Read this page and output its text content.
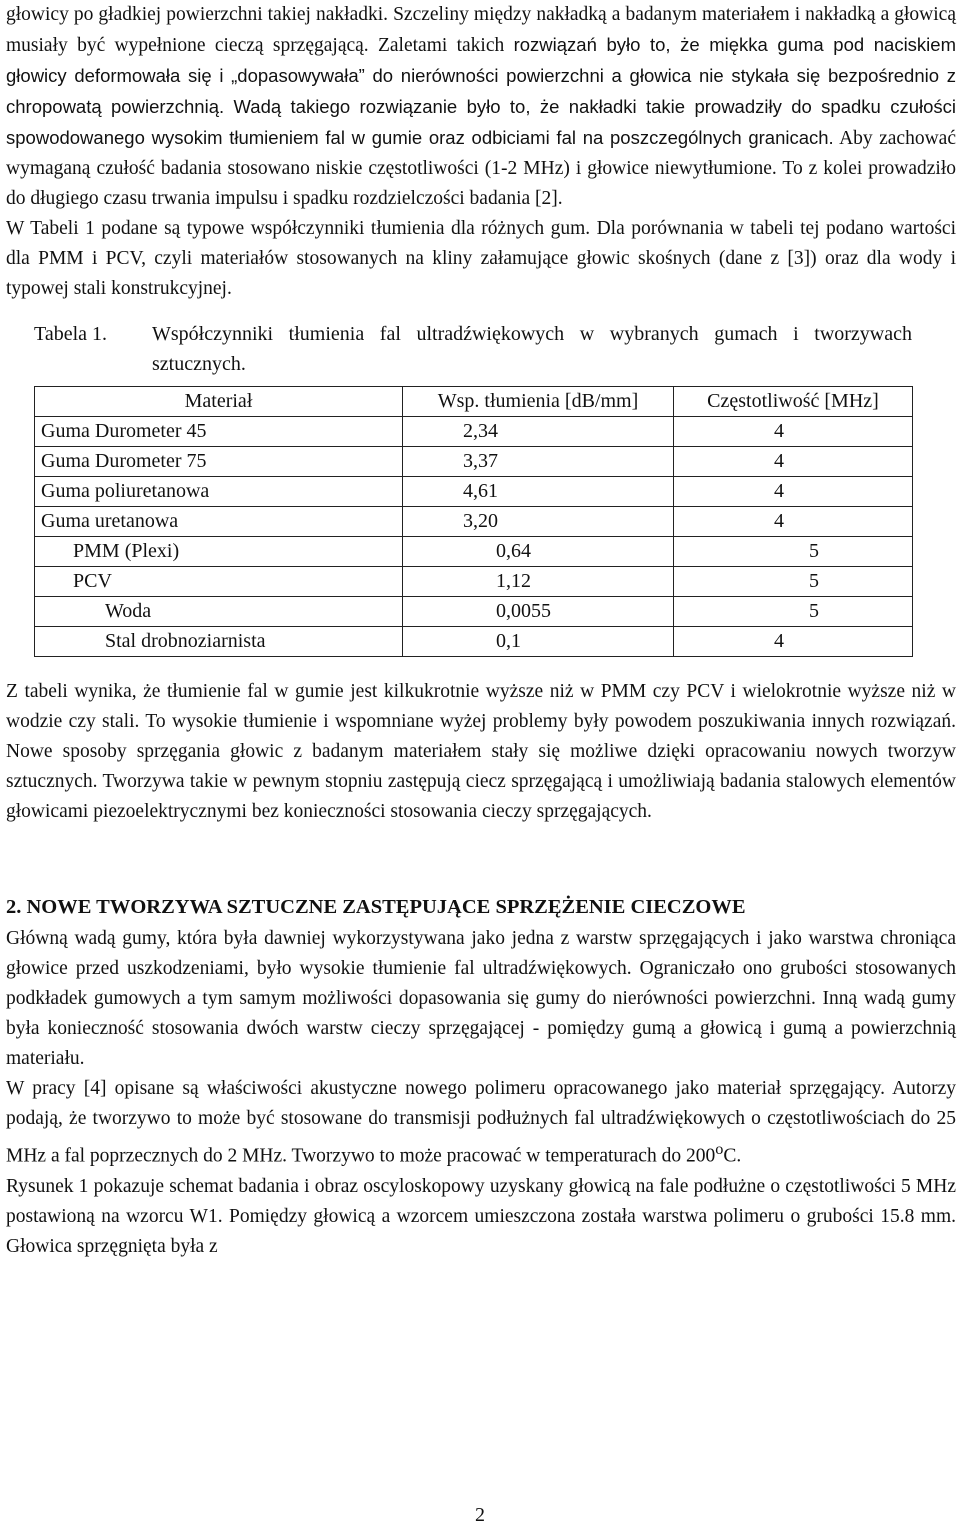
głowicy po gładkiej powierzchni takiej nakładki. Szczeliny między nakładką a badanym materiałem i nakładką a głowicą musiały być wypełnione cieczą sprzęgającą. Zaletami takich rozwiązań było to, że miękka guma pod naciskiem głowicy deformowała się i „dopasowywała” do nierówności powierzchni a głowica nie stykała się bezpośrednio z chropowatą powierzchnią. Wadą takiego rozwiązanie było to, że nakładki takie prowadziły do spadku czułości spowodowanego wysokim tłumieniem fal w gumie oraz odbiciami fal na poszczególnych granicach. Aby zachować wymaganą czułość badania stosowano niskie częstotliwości (1-2 MHz) i głowice niewytłumione. To z kolei prowadziło do długiego czasu trwania impulsu i spadku rozdzielczości badania [2].

W Tabeli 1 podane są typowe współczynniki tłumienia dla różnych gum. Dla porównania w tabeli tej podano wartości dla PMM i PCV, czyli materiałów stosowanych na kliny załamujące głowic skośnych (dane z [3]) oraz dla wody i typowej stali konstrukcyjnej.

Tabela 1.	Współczynniki tłumienia fal ultradźwiękowych w wybranych gumach i tworzywach sztucznych.
Materiał	Wsp. tłumienia [dB/mm]	Częstotliwość [MHz]
Guma Durometer 45	2,34	4
Guma Durometer 75	3,37	4
Guma poliuretanowa	4,61	4
Guma uretanowa	3,20	4
PMM (Plexi)	0,64	5
PCV	1,12	5
Woda	0,0055	5
Stal drobnoziarnista	0,1	4

Z tabeli wynika, że tłumienie fal w gumie jest kilkukrotnie wyższe niż w PMM czy PCV i wielokrotnie wyższe niż w wodzie czy stali. To wysokie tłumienie i wspomniane wyżej problemy były powodem poszukiwania innych rozwiązań. Nowe sposoby sprzęgania głowic z badanym materiałem stały się możliwe dzięki opracowaniu nowych tworzyw sztucznych. Tworzywa takie w pewnym stopniu zastępują ciecz sprzęgającą i umożliwiają badania stalowych elementów głowicami piezoelektrycznymi bez konieczności stosowania cieczy sprzęgających.

2. NOWE TWORZYWA SZTUCZNE ZASTĘPUJĄCE SPRZĘŻENIE CIECZOWE

Główną wadą gumy, która była dawniej wykorzystywana jako jedna z warstw sprzęgających i jako warstwa chroniąca głowice przed uszkodzeniami, było wysokie tłumienie fal ultradźwiękowych. Ograniczało ono grubości stosowanych podkładek gumowych a tym samym możliwości dopasowania się gumy do nierówności powierzchni. Inną wadą gumy była konieczność stosowania dwóch warstw cieczy sprzęgającej - pomiędzy gumą a głowicą i gumą a powierzchnią materiału.

W pracy [4] opisane są właściwości akustyczne nowego polimeru opracowanego jako materiał sprzęgający. Autorzy podają, że tworzywo to może być stosowane do transmisji podłużnych fal ultradźwiękowych o częstotliwościach do 25 MHz a fal poprzecznych do 2 MHz. Tworzywo to może pracować w temperaturach do 200$^o$C.

Rysunek 1 pokazuje schemat badania i obraz oscyloskopowy uzyskany głowicą na fale podłużne o częstotliwości 5 MHz postawioną na wzorcu W1. Pomiędzy głowicą a wzorcem umieszczona została warstwa polimeru o grubości 15.8 mm. Głowica sprzęgnięta była z

2
